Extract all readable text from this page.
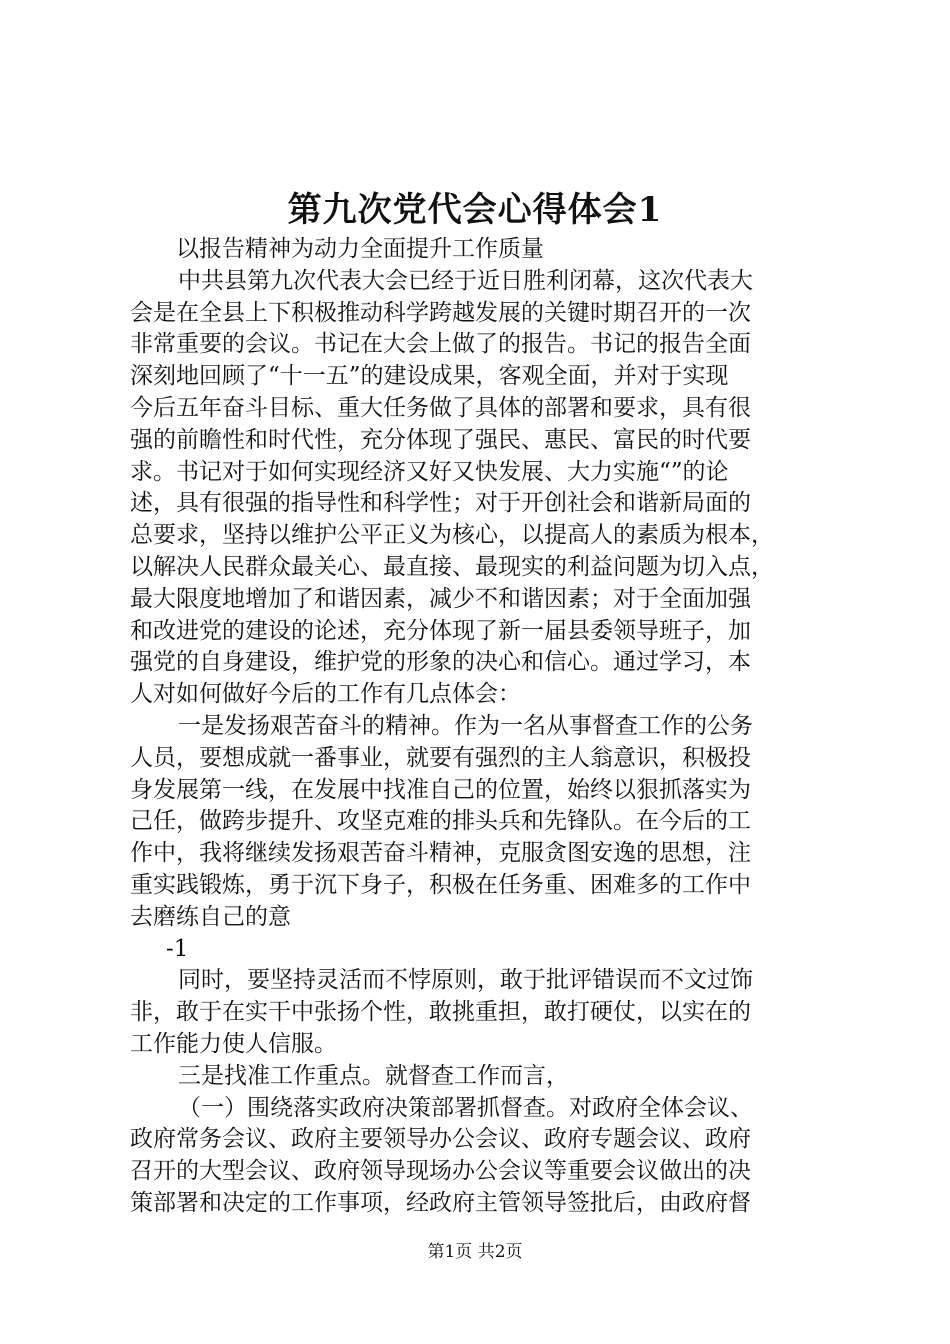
第九次党代会心得体会1
以报告精神为动力全面提升工作质量
中共县第九次代表大会已经于近日胜利闭幕，这次代表大
会是在全县上下积极推动科学跨越发展的关键时期召开的一次
非常重要的会议。书记在大会上做了的报告。书记的报告全面
深刻地回顾了“十一五”的建设成果，客观全面，并对于实现
今后五年奋斗目标、重大任务做了具体的部署和要求，具有很
强的前瞻性和时代性，充分体现了强民、惠民、富民的时代要
求。书记对于如何实现经济又好又快发展、大力实施“”的论
述，具有很强的指导性和科学性；对于开创社会和谐新局面的
总要求，坚持以维护公平正义为核心，以提高人的素质为根本，
以解决人民群众最关心、最直接、最现实的利益问题为切入点，
最大限度地增加了和谐因素，减少不和谐因素；对于全面加强
和改进党的建设的论述，充分体现了新一届县委领导班子，加
强党的自身建设，维护党的形象的决心和信心。通过学习，本
人对如何做好今后的工作有几点体会：
一是发扬艰苦奋斗的精神。作为一名从事督查工作的公务
人员，要想成就一番事业，就要有强烈的主人翁意识，积极投
身发展第一线，在发展中找准自己的位置，始终以狠抓落实为
己任，做跨步提升、攻坚克难的排头兵和先锋队。在今后的工
作中，我将继续发扬艰苦奋斗精神，克服贪图安逸的思想，注
重实践锻炼，勇于沉下身子，积极在任务重、困难多的工作中
去磨练自己的意
-1
同时，要坚持灵活而不悖原则，敢于批评错误而不文过饰
非，敢于在实干中张扬个性，敢挑重担，敢打硬仗，以实在的
工作能力使人信服。
三是找准工作重点。就督查工作而言，
（一）围绕落实政府决策部署抓督查。对政府全体会议、
政府常务会议、政府主要领导办公会议、政府专题会议、政府
召开的大型会议、政府领导现场办公会议等重要会议做出的决
策部署和决定的工作事项，经政府主管领导签批后，由政府督
第1页 共2页
